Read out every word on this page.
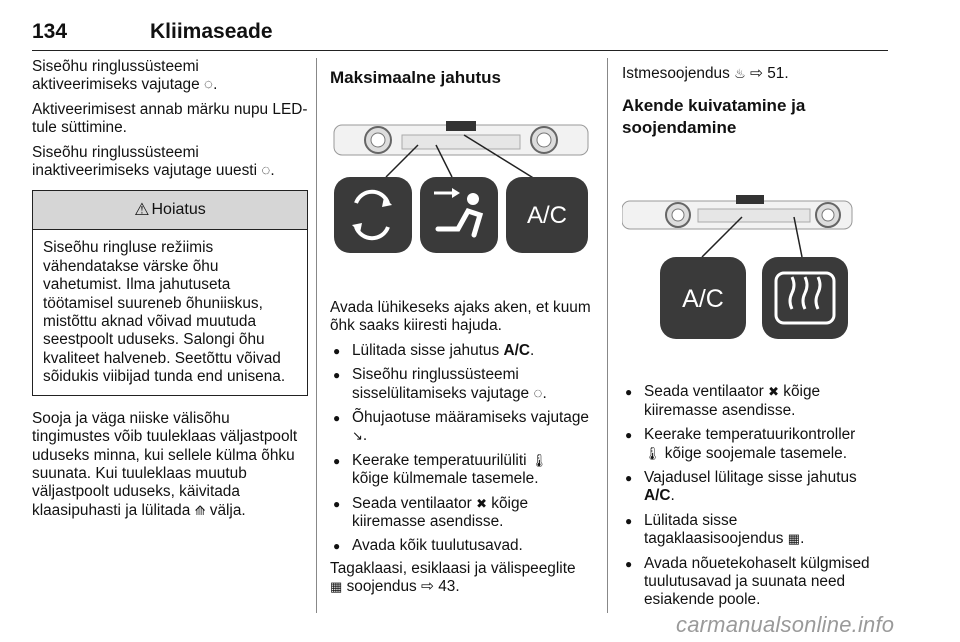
134	Kliimaseade

Siseõhu ringlussüsteemi aktiveerimiseks vajutage ◌.

Aktiveerimisest annab märku nupu LED-tule süttimine.

Siseõhu ringlussüsteemi inaktiveerimiseks vajutage uuesti ◌.

⚠ Hoiatus
Siseõhu ringluse režiimis vähendatakse värske õhu vahetumist. Ilma jahutuseta töötamisel suureneb õhuniiskus, mistõttu aknad võivad muutuda seestpoolt uduseks. Salongi õhu kvaliteet halveneb. Seetõttu võivad sõidukis viibijad tunda end unisena.

Sooja ja väga niiske välisõhu tingimustes võib tuuleklaas väljastpoolt uduseks minna, kui sellele külma õhku suunata. Kui tuuleklaas muutub väljastpoolt uduseks, käivitada klaasipuhasti ja lülitada ⟰ välja.

Maksimaalne jahutus
A/C

Avada lühikeseks ajaks aken, et kuum õhk saaks kiiresti hajuda.

● Lülitada sisse jahutus A/C.
● Siseõhu ringlussüsteemi sisselülitamiseks vajutage ◌.
● Õhujaotuse määramiseks vajutage ↘.
● Keerake temperatuurilüliti 🌡
kõige külmemale tasemele.
● Seada ventilaator ✖ kõige kiiremasse asendisse.
● Avada kõik tuulutusavad.

Tagaklaasi, esiklaasi ja välispeeglite
▦ soojendus ⇨ 43.

Istmesoojendus ♨ ⇨ 51.

Akende kuivatamine ja
soojendamine
A/C
● Seada ventilaator ✖ kõige kiiremasse asendisse.
● Keerake temperatuurikontroller
🌡 kõige soojemale tasemele.
● Vajadusel lülitage sisse jahutus
A/C.
● Lülitada sisse
tagaklaasisoojendus ▦.
● Avada nõuetekohaselt külgmised tuulutusavad ja suunata need esiakende poole.
carmanualsonline.info
